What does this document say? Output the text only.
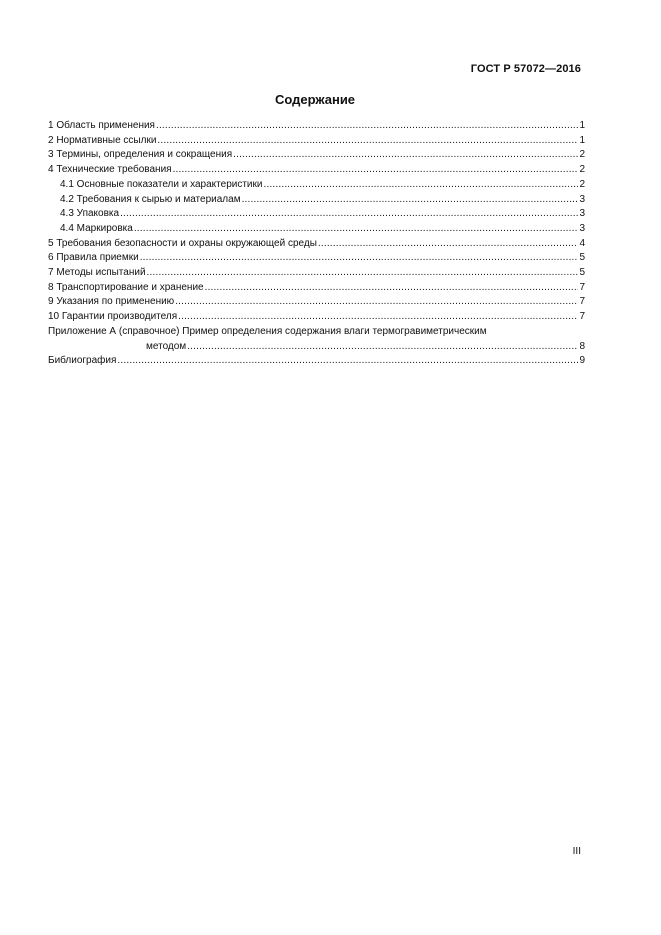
ГОСТ Р 57072—2016
Содержание
1 Область применения .....	1
2 Нормативные ссылки .....	1
3 Термины, определения и сокращения .....	2
4 Технические требования .....	2
4.1 Основные показатели и характеристики .....	2
4.2 Требования к сырью и материалам .....	3
4.3 Упаковка .....	3
4.4 Маркировка .....	3
5 Требования безопасности и охраны окружающей среды .....	4
6 Правила приемки .....	5
7 Методы испытаний .....	5
8 Транспортирование и хранение .....	7
9 Указания по применению .....	7
10 Гарантии производителя .....	7
Приложение А (справочное) Пример определения содержания влаги термогравиметрическим
методом .....	8
Библиография .....	9
III
